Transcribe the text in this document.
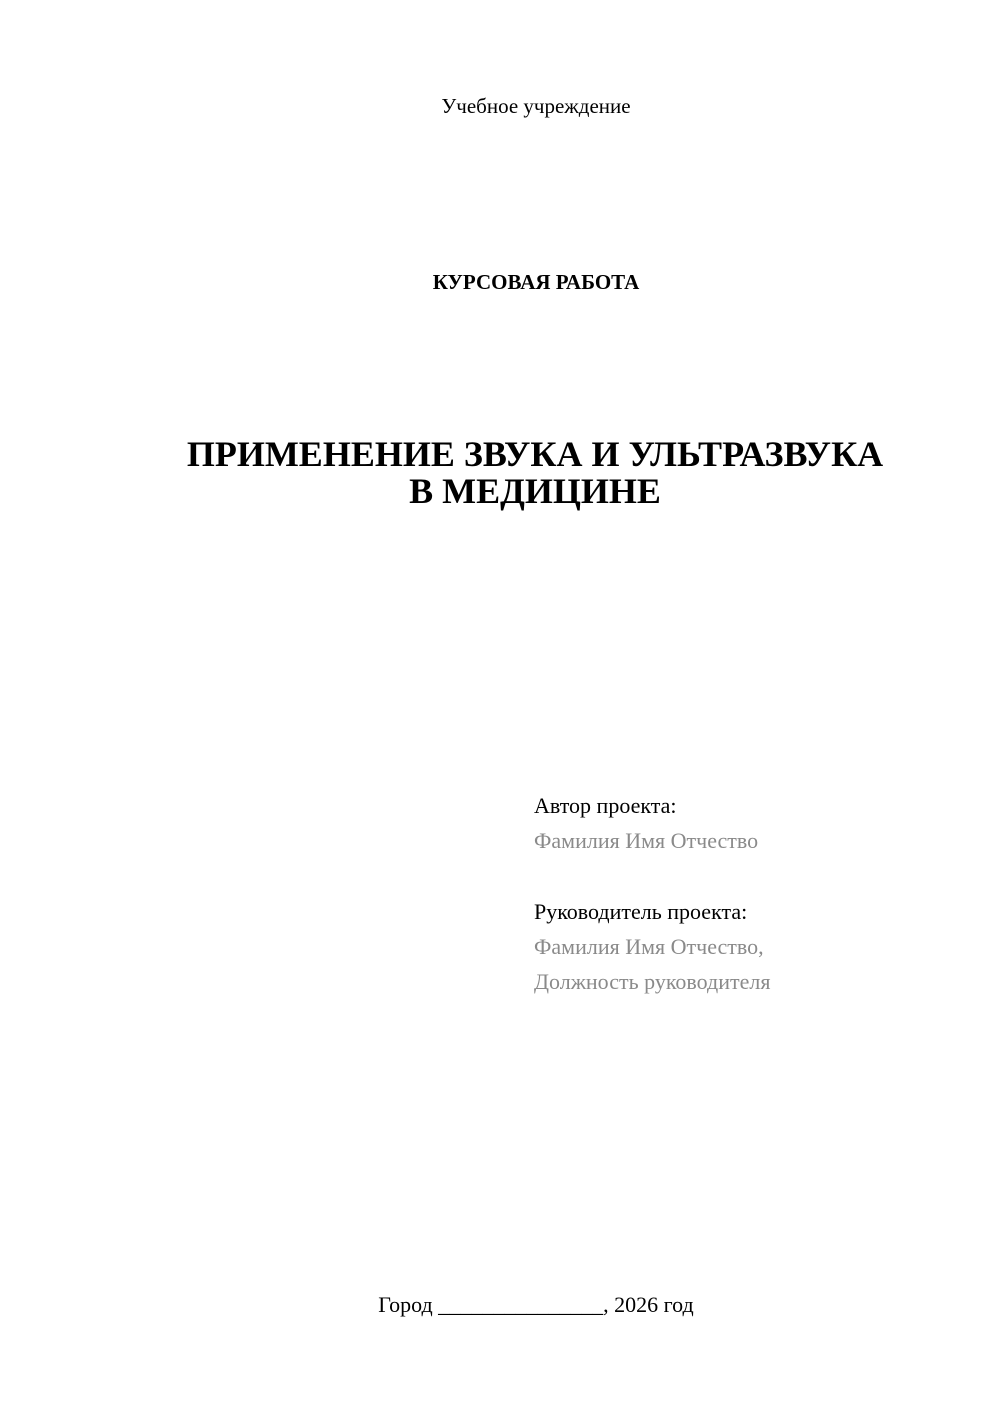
Учебное учреждение
КУРСОВАЯ РАБОТА
ПРИМЕНЕНИЕ ЗВУКА И УЛЬТРАЗВУКА
В МЕДИЦИНЕ
Автор проекта:
Фамилия Имя Отчество
Руководитель проекта:
Фамилия Имя Отчество,
Должность руководителя
Город _______________, 2026 год
